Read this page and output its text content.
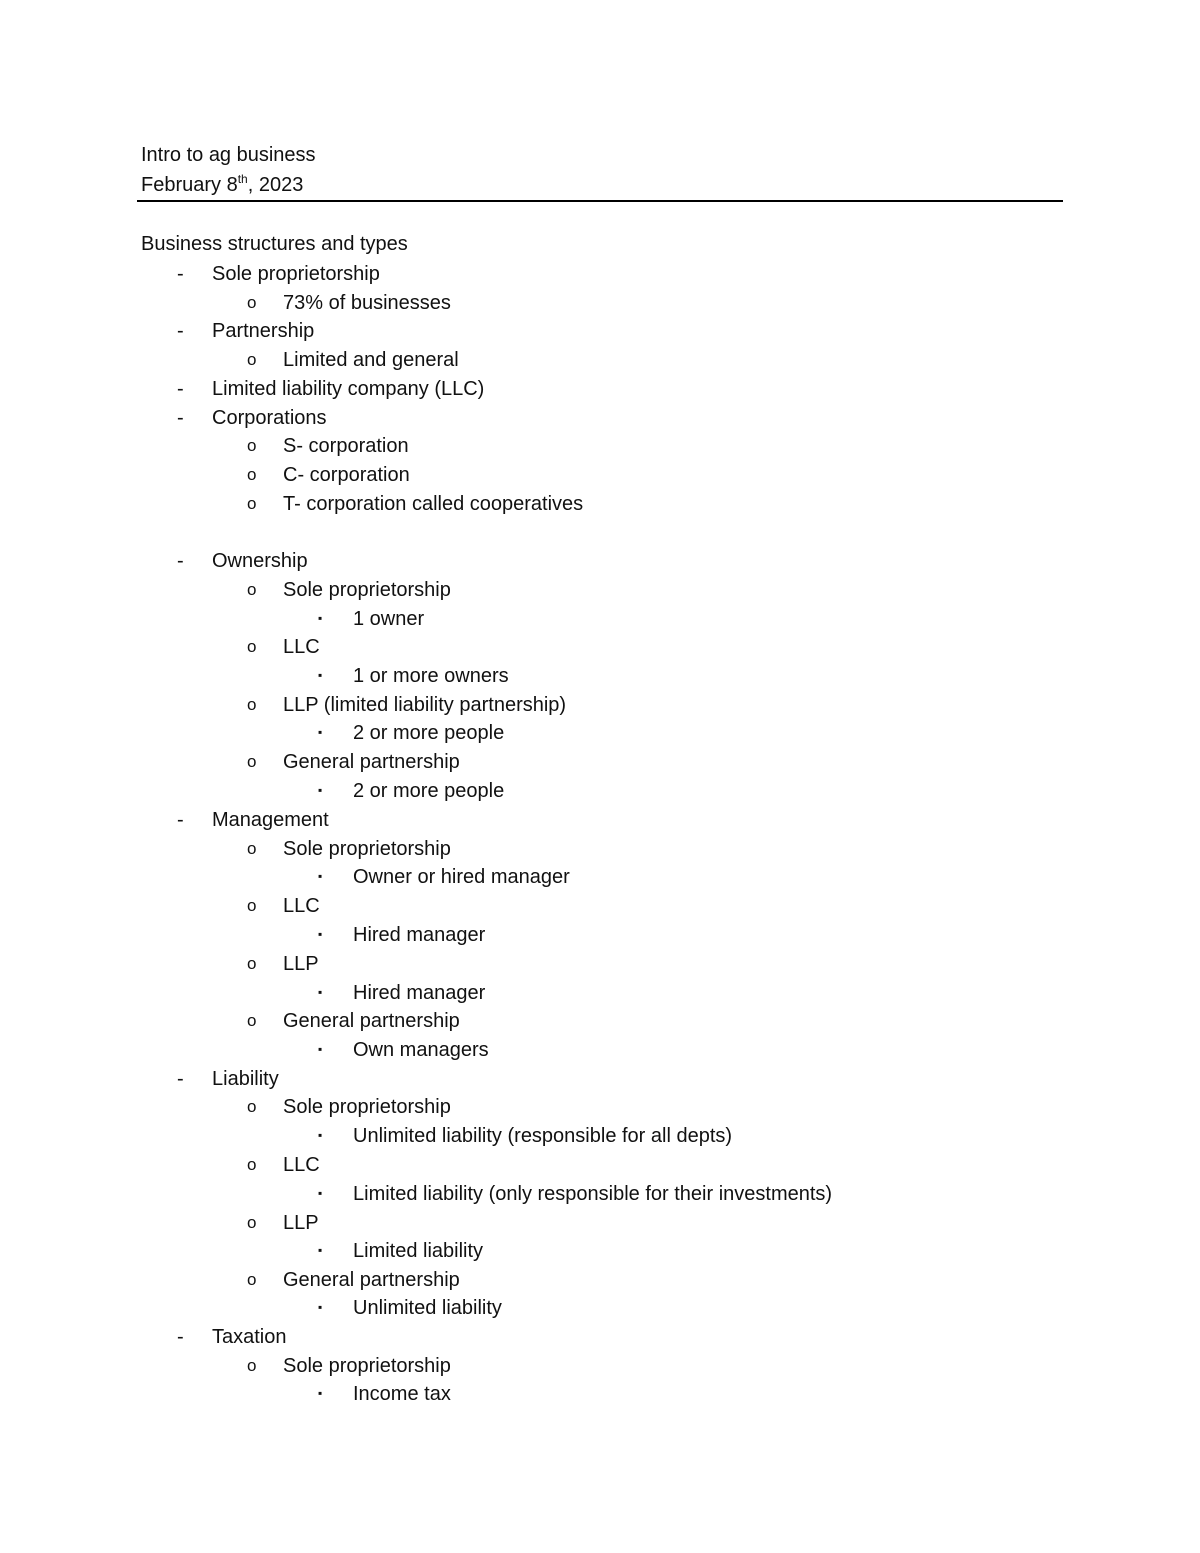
Intro to ag business
February 8th, 2023
Business structures and types
- Sole proprietorship
o 73% of businesses
- Partnership
o Limited and general
- Limited liability company (LLC)
- Corporations
o S- corporation
o C- corporation
o T- corporation called cooperatives
- Ownership
o Sole proprietorship
▪ 1 owner
o LLC
▪ 1 or more owners
o LLP (limited liability partnership)
▪ 2 or more people
o General partnership
▪ 2 or more people
- Management
o Sole proprietorship
▪ Owner or hired manager
o LLC
▪ Hired manager
o LLP
▪ Hired manager
o General partnership
▪ Own managers
- Liability
o Sole proprietorship
▪ Unlimited liability (responsible for all depts)
o LLC
▪ Limited liability (only responsible for their investments)
o LLP
▪ Limited liability
o General partnership
▪ Unlimited liability
- Taxation
o Sole proprietorship
▪ Income tax
